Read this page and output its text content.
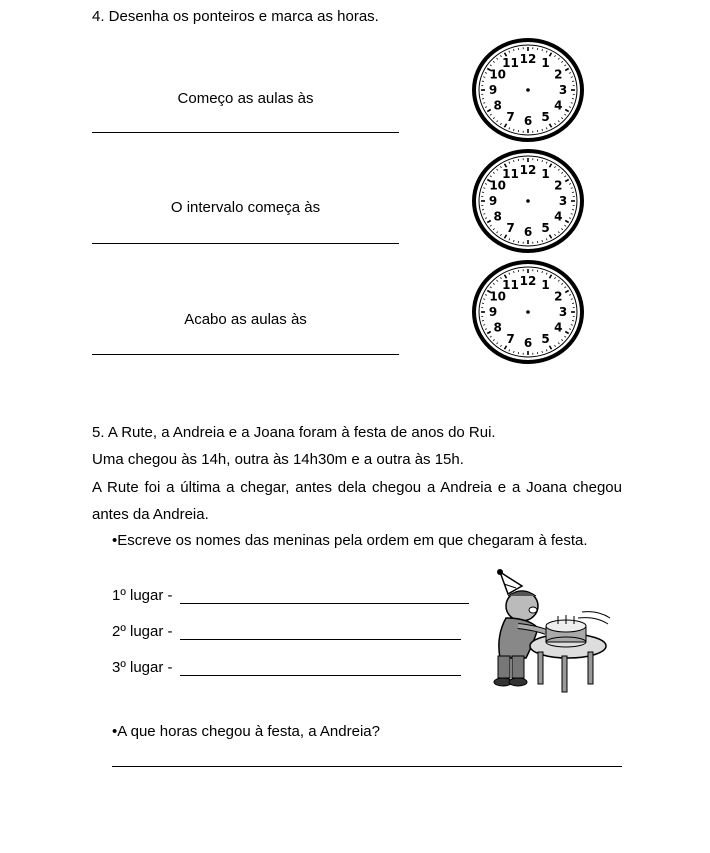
4. Desenha os ponteiros e marca as horas.
Começo as aulas às
O intervalo começa às
Acabo as aulas às
12 1
2
3
4
5
6
7
8
9
10
11
12 1
2
3
4
5
6
7
8
9
10
11
12 1
2
3
4
5
6
7
8
9
10
11
5. A Rute, a Andreia e a Joana foram à festa de anos do Rui.
Uma chegou às 14h, outra às 14h30m e a outra às 15h.
A Rute foi a última a chegar, antes dela chegou a Andreia e a Joana chegou antes da Andreia.
•Escreve os nomes das meninas pela ordem em que chegaram à festa.
1º lugar -
2º lugar -
3º lugar -
•A que horas chegou à festa, a Andreia?
